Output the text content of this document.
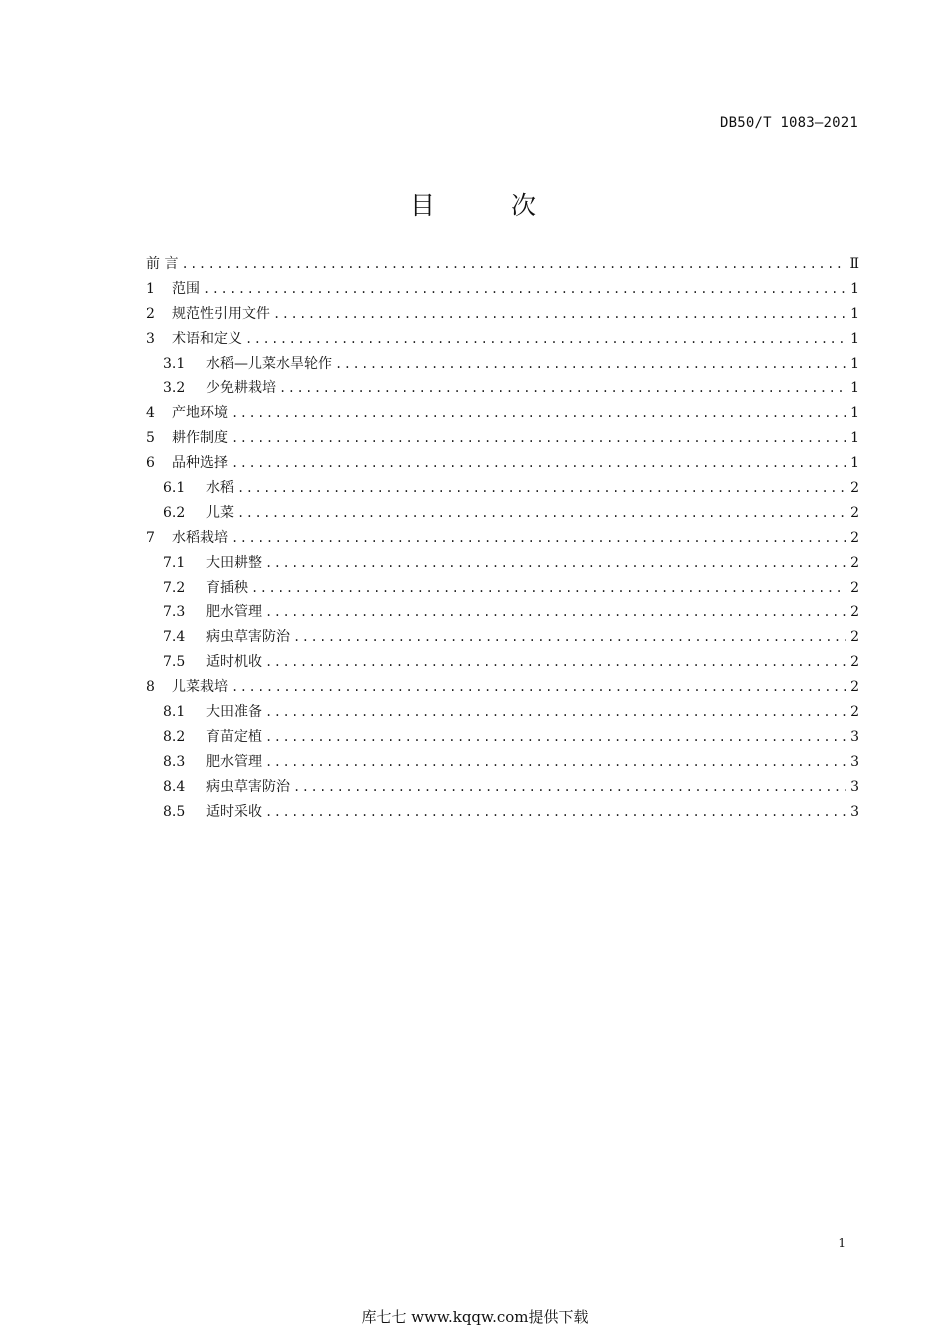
DB50/T 1083—2021
目 次
前 言 .....	Ⅱ
1	范围 .....	1
2	规范性引用文件 .....	1
3	术语和定义 .....	1
3.1	水稻—儿菜水旱轮作 .....	1
3.2	少免耕栽培 .....	1
4	产地环境 .....	1
5	耕作制度 .....	1
6	品种选择 .....	1
6.1	水稻 .....	2
6.2	儿菜 .....	2
7	水稻栽培 .....	2
7.1	大田耕整 .....	2
7.2	育插秧 .....	2
7.3	肥水管理 .....	2
7.4	病虫草害防治 .....	2
7.5	适时机收 .....	2
8	儿菜栽培 .....	2
8.1	大田准备 .....	2
8.2	育苗定植 .....	3
8.3	肥水管理 .....	3
8.4	病虫草害防治 .....	3
8.5	适时采收 .....	3
1
库七七 www.kqqw.com提供下载
